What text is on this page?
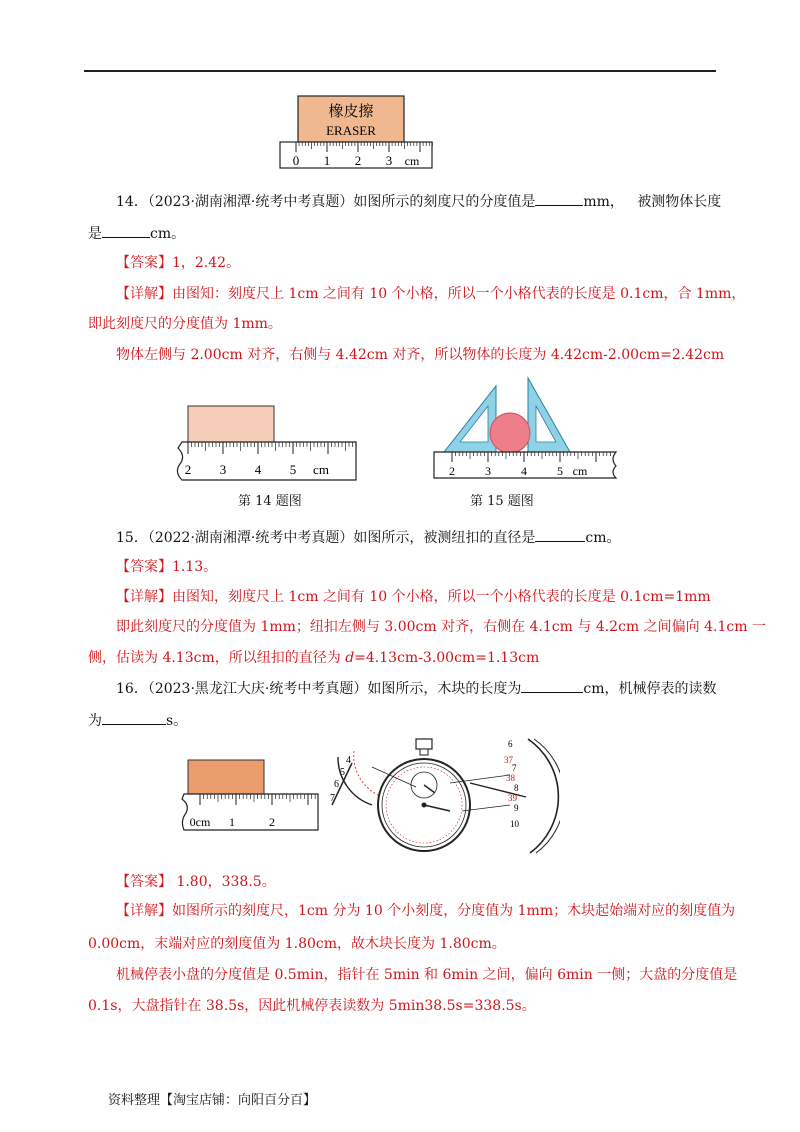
橡皮擦
ERASER
0 1 2 3 cm
14．（2023·湖南湘潭·统考中考真题）如图所示的刻度尺的分度值是	mm， 被测物体长度
是	cm。
【答案】1，2.42。
【详解】由图知：刻度尺上 1cm 之间有 10 个小格，所以一个小格代表的长度是 0.1cm，合 1mm，
即此刻度尺的分度值为 1mm。
物体左侧与 2.00cm 对齐，右侧与 4.42cm 对齐，所以物体的长度为 4.42cm-2.00cm=2.42cm
2 3 4 5 cm
第 14 题图
2	3	4	5 cm
第 15 题图
15．（2022·湖南湘潭·统考中考真题）如图所示，被测纽扣的直径是	cm。
【答案】1.13。
【详解】由图知，刻度尺上 1cm 之间有 10 个小格，所以一个小格代表的长度是 0.1cm=1mm
即此刻度尺的分度值为 1mm；纽扣左侧与 3.00cm 对齐，右侧在 4.1cm 与 4.2cm 之间偏向 4.1cm 一
侧，估读为 4.13cm，所以纽扣的直径为 d=4.13cm-3.00cm=1.13cm
16．（2023·黑龙江大庆·统考中考真题）如图所示，木块的长度为	cm，机械停表的读数
为	s。
0cm 1	2
4
5
6
7
6
37
7
38
8
39
9
10
【答案】 1.80，338.5。
【详解】如图所示的刻度尺，1cm 分为 10 个小刻度，分度值为 1mm；木块起始端对应的刻度值为
0.00cm，末端对应的刻度值为 1.80cm，故木块长度为 1.80cm。
机械停表小盘的分度值是 0.5min，指针在 5min 和 6min 之间，偏向 6min 一侧；大盘的分度值是
0.1s，大盘指针在 38.5s，因此机械停表读数为 5min38.5s=338.5s。
资料整理【淘宝店铺：向阳百分百】
